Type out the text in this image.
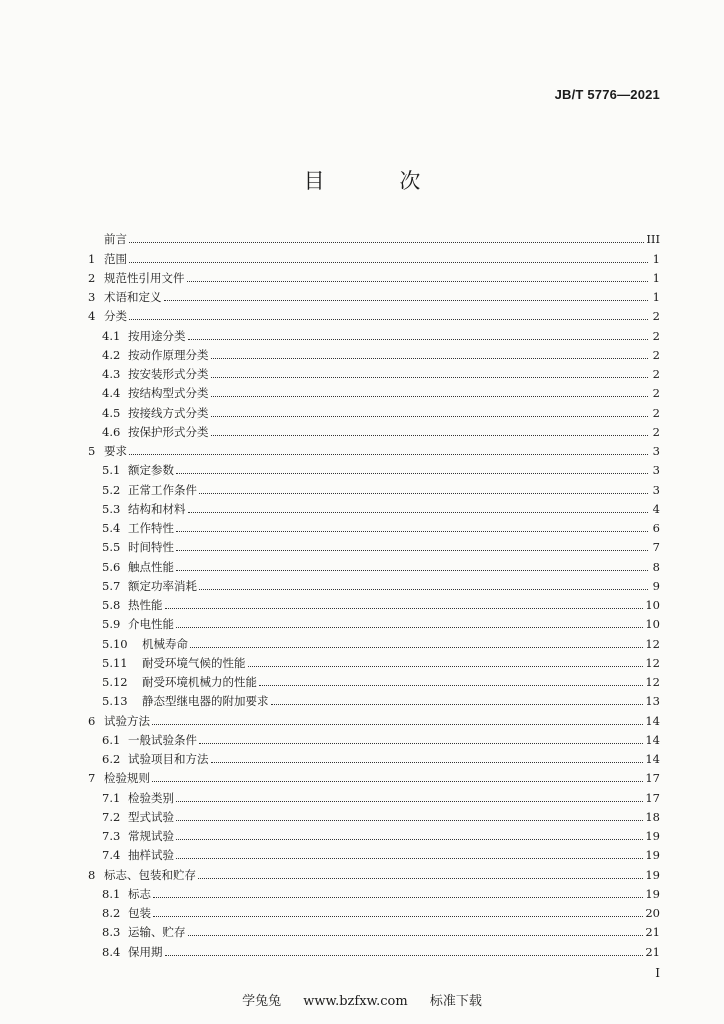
JB/T 5776—2021
目 次
前言	III
1 范围	1
2 规范性引用文件	1
3 术语和定义	1
4 分类	2
4.1 按用途分类	2
4.2 按动作原理分类	2
4.3 按安装形式分类	2
4.4 按结构型式分类	2
4.5 按接线方式分类	2
4.6 按保护形式分类	2
5 要求	3
5.1 额定参数	3
5.2 正常工作条件	3
5.3 结构和材料	4
5.4 工作特性	6
5.5 时间特性	7
5.6 触点性能	8
5.7 额定功率消耗	9
5.8 热性能	10
5.9 介电性能	10
5.10	机械寿命	12
5.11	耐受环境气候的性能	12
5.12	耐受环境机械力的性能	12
5.13	静态型继电器的附加要求	13
6 试验方法	14
6.1 一般试验条件	14
6.2 试验项目和方法	14
7 检验规则	17
7.1 检验类别	17
7.2 型式试验	18
7.3 常规试验	19
7.4 抽样试验	19
8 标志、包装和贮存	19
8.1 标志	19
8.2 包装	20
8.3 运输、贮存	21
8.4 保用期	21
I
学兔兔 www.bzfxw.com 标准下载
